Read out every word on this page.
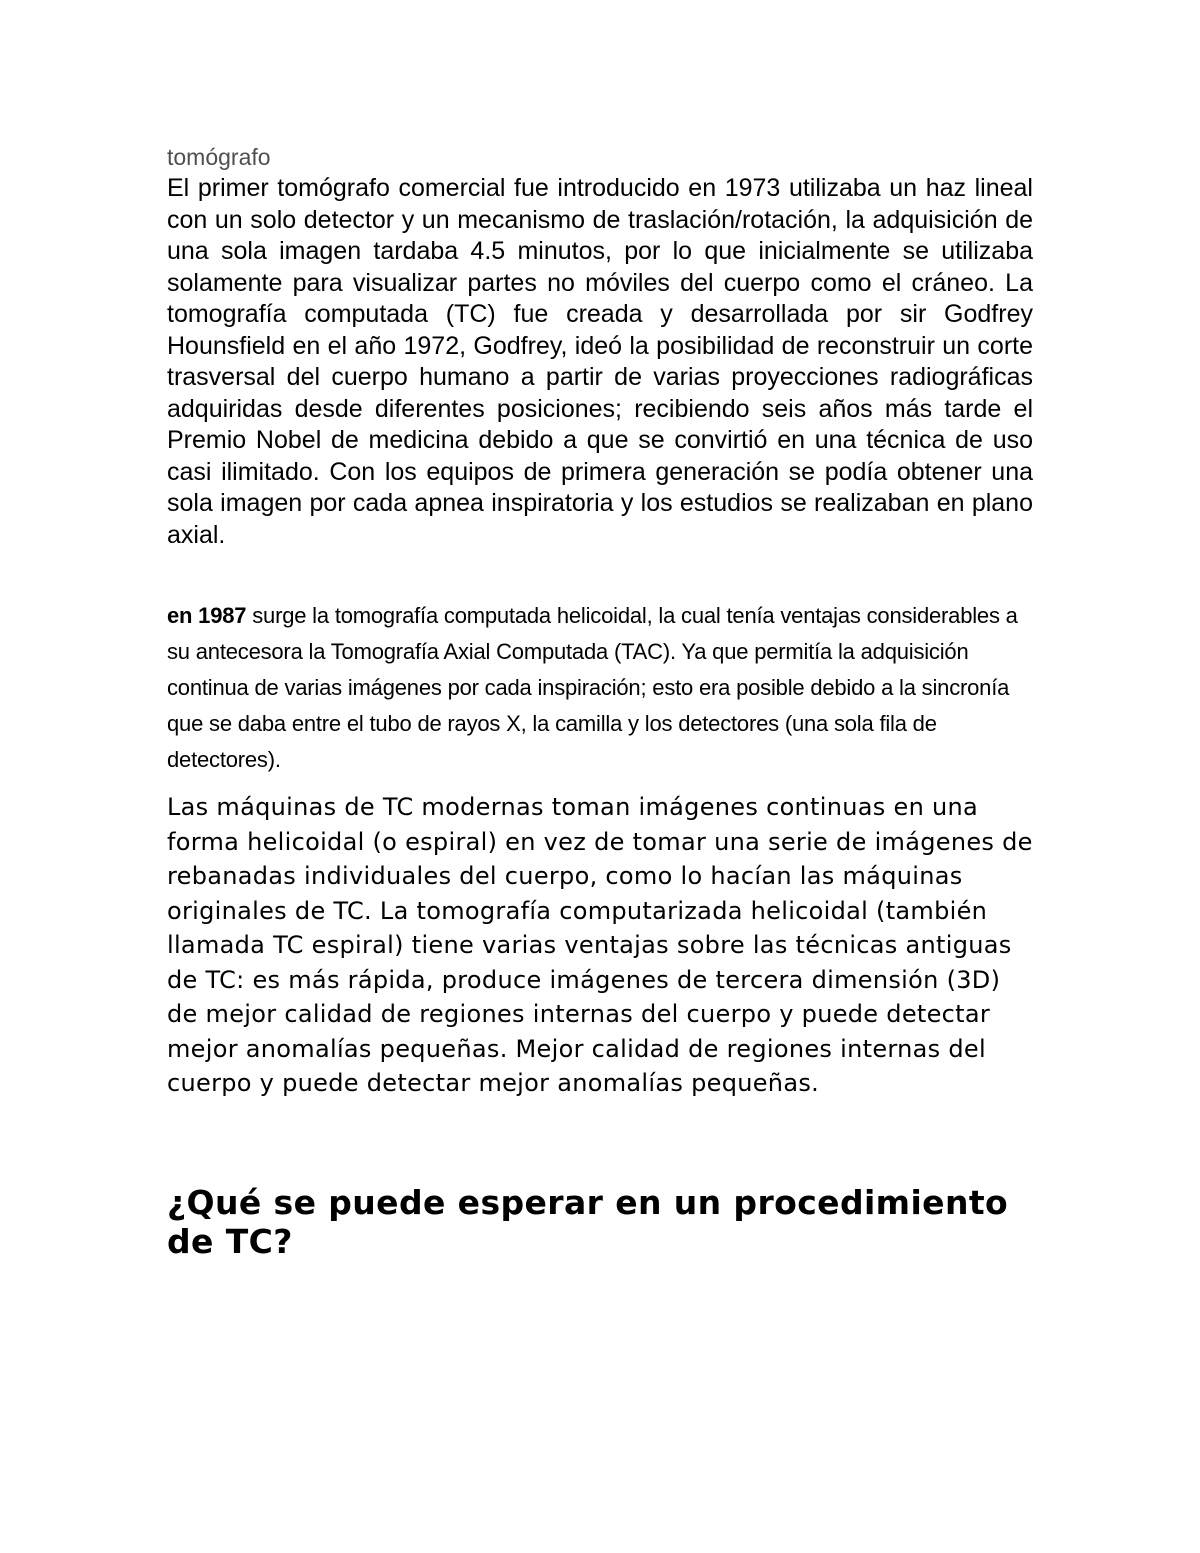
tomógrafo

El primer tomógrafo comercial fue introducido en 1973 utilizaba un haz lineal con un solo detector y un mecanismo de traslación/rotación, la adquisición de una sola imagen tardaba 4.5 minutos, por lo que inicialmente se utilizaba solamente para visualizar partes no móviles del cuerpo como el cráneo. La tomografía computada (TC) fue creada y desarrollada por sir Godfrey Hounsfield en el año 1972, Godfrey, ideó la posibilidad de reconstruir un corte trasversal del cuerpo humano a partir de varias proyecciones radiográficas adquiridas desde diferentes posiciones; recibiendo seis años más tarde el Premio Nobel de medicina debido a que se convirtió en una técnica de uso casi ilimitado. Con los equipos de primera generación se podía obtener una sola imagen por cada apnea inspiratoria y los estudios se realizaban en plano axial.

en 1987 surge la tomografía computada helicoidal, la cual tenía ventajas considerables a su antecesora la Tomografía Axial Computada (TAC). Ya que permitía la adquisición continua de varias imágenes por cada inspiración; esto era posible debido a la sincronía que se daba entre el tubo de rayos X, la camilla y los detectores (una sola fila de detectores).

Las máquinas de TC modernas toman imágenes continuas en una forma helicoidal (o espiral) en vez de tomar una serie de imágenes de rebanadas individuales del cuerpo, como lo hacían las máquinas originales de TC. La tomografía computarizada helicoidal (también llamada TC espiral) tiene varias ventajas sobre las técnicas antiguas de TC: es más rápida, produce imágenes de tercera dimensión (3D) de mejor calidad de regiones internas del cuerpo y puede detectar mejor anomalías pequeñas. Mejor calidad de regiones internas del cuerpo y puede detectar mejor anomalías pequeñas.

¿Qué se puede esperar en un procedimiento de TC?
